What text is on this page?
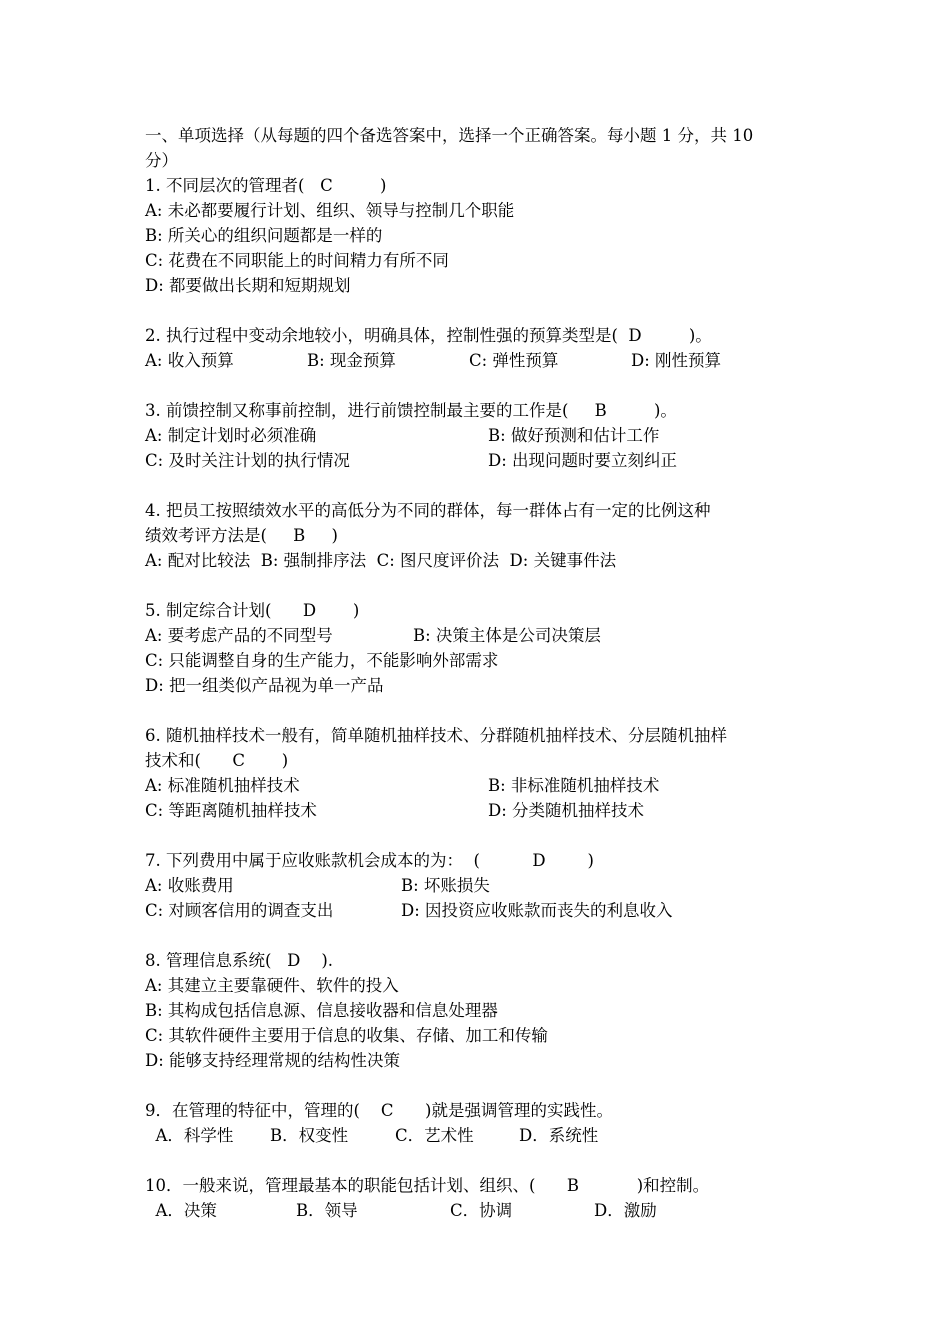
一、单项选择（从每题的四个备选答案中，选择一个正确答案。每小题 1 分，共 10
分）
1. 不同层次的管理者(   C         )
A: 未必都要履行计划、组织、领导与控制几个职能
B: 所关心的组织问题都是一样的
C: 花费在不同职能上的时间精力有所不同
D: 都要做出长期和短期规划
2. 执行过程中变动余地较小，明确具体，控制性强的预算类型是(  D         )。
A: 收入预算	B: 现金预算	C: 弹性预算	D: 刚性预算
3. 前馈控制又称事前控制，进行前馈控制最主要的工作是(     B         )。
A: 制定计划时必须准确	B: 做好预测和估计工作
C: 及时关注计划的执行情况	D: 出现问题时要立刻纠正
4. 把员工按照绩效水平的高低分为不同的群体，每一群体占有一定的比例这种
绩效考评方法是(     B     )
A: 配对比较法  B: 强制排序法  C: 图尺度评价法  D: 关键事件法
5. 制定综合计划(      D       )
A: 要考虑产品的不同型号	B: 决策主体是公司决策层
C: 只能调整自身的生产能力，不能影响外部需求
D: 把一组类似产品视为单一产品
6. 随机抽样技术一般有，简单随机抽样技术、分群随机抽样技术、分层随机抽样
技术和(      C       )
A: 标准随机抽样技术	B: 非标准随机抽样技术
C: 等距离随机抽样技术	D: 分类随机抽样技术
7. 下列费用中属于应收账款机会成本的为：  (          D        )
A: 收账费用	B: 坏账损失
C: 对顾客信用的调查支出	D: 因投资应收账款而丧失的利息收入
8. 管理信息系统(   D    ).
A: 其建立主要靠硬件、软件的投入
B: 其构成包括信息源、信息接收器和信息处理器
C: 其软件硬件主要用于信息的收集、存储、加工和传输
D: 能够支持经理常规的结构性决策
9．在管理的特征中，管理的(    C      )就是强调管理的实践性。
A．科学性	B．权变性	C．艺术性	D．系统性
10．一般来说，管理最基本的职能包括计划、组织、(      B           )和控制。
A．决策	B．领导	C．协调	D．激励
